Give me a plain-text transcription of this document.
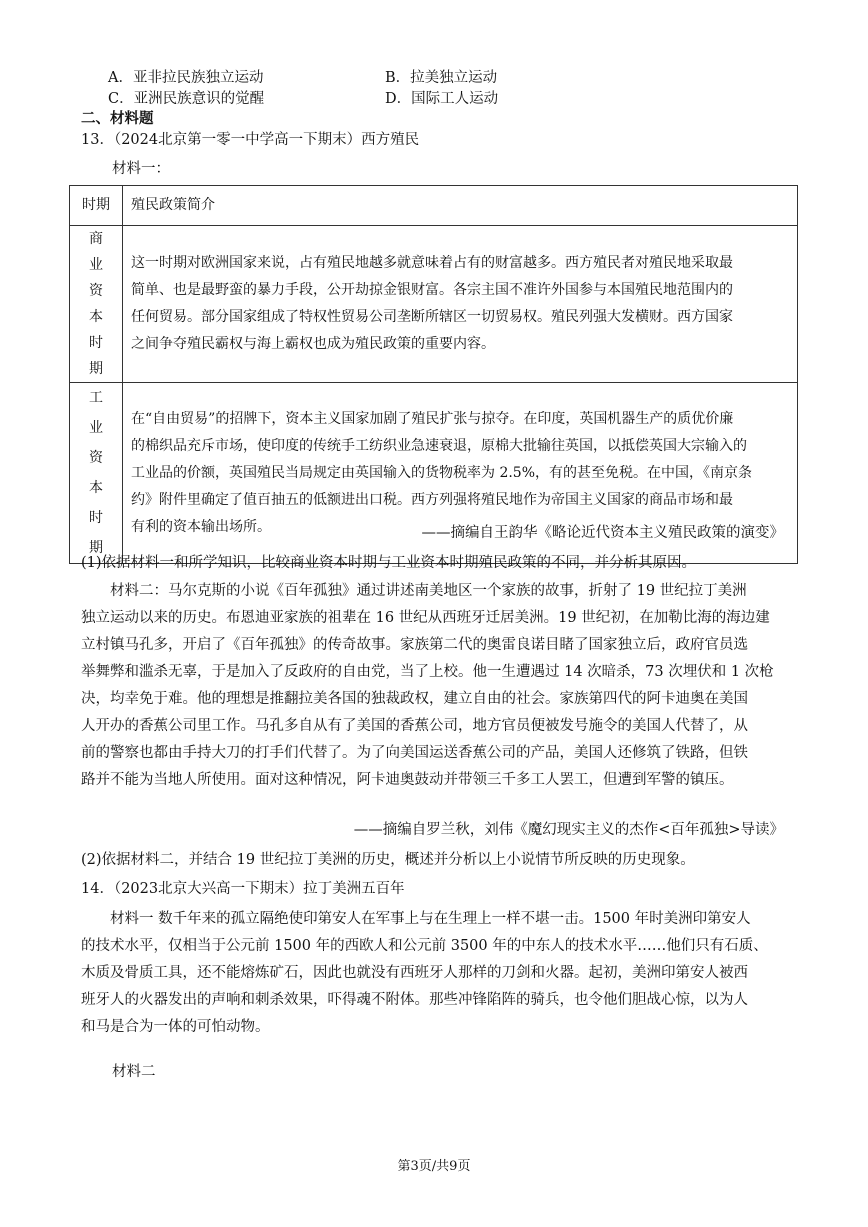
A．亚非拉民族独立运动	B．拉美独立运动
C．亚洲民族意识的觉醒	D．国际工人运动
二、材料题
13．（2024北京第一零一中学高一下期末）西方殖民
材料一：
时期	殖民政策简介

商业资本时期	这一时期对欧洲国家来说，占有殖民地越多就意味着占有的财富越多。西方殖民者对殖民地采取最
简单、也是最野蛮的暴力手段，公开劫掠金银财富。各宗主国不准许外国参与本国殖民地范围内的
任何贸易。部分国家组成了特权性贸易公司垄断所辖区一切贸易权。殖民列强大发横财。西方国家
之间争夺殖民霸权与海上霸权也成为殖民政策的重要内容。

工业资本时期	在“自由贸易”的招牌下，资本主义国家加剧了殖民扩张与掠夺。在印度，英国机器生产的质优价廉
的棉织品充斥市场，使印度的传统手工纺织业急速衰退，原棉大批输往英国，以抵偿英国大宗输入的
工业品的价额，英国殖民当局规定由英国输入的货物税率为 2.5%，有的甚至免税。在中国，《南京条
约》附件里确定了值百抽五的低额进出口税。西方列强将殖民地作为帝国主义国家的商品市场和最
有利的资本输出场所。	——摘编自王韵华《略论近代资本主义殖民政策的演变》
(1)依据材料一和所学知识，比较商业资本时期与工业资本时期殖民政策的不同，并分析其原因。
材料二：马尔克斯的小说《百年孤独》通过讲述南美地区一个家族的故事，折射了 19 世纪拉丁美洲
独立运动以来的历史。布恩迪亚家族的祖辈在 16 世纪从西班牙迁居美洲。19 世纪初，在加勒比海的海边建
立村镇马孔多，开启了《百年孤独》的传奇故事。家族第二代的奥雷良诺目睹了国家独立后，政府官员选
举舞弊和滥杀无辜，于是加入了反政府的自由党，当了上校。他一生遭遇过 14 次暗杀，73 次埋伏和 1 次枪
决，均幸免于难。他的理想是推翻拉美各国的独裁政权，建立自由的社会。家族第四代的阿卡迪奥在美国
人开办的香蕉公司里工作。马孔多自从有了美国的香蕉公司，地方官员便被发号施令的美国人代替了，从
前的警察也都由手持大刀的打手们代替了。为了向美国运送香蕉公司的产品，美国人还修筑了铁路，但铁
路并不能为当地人所使用。面对这种情况，阿卡迪奥鼓动并带领三千多工人罢工，但遭到军警的镇压。
——摘编自罗兰秋，刘伟《魔幻现实主义的杰作<百年孤独>导读》
(2)依据材料二，并结合 19 世纪拉丁美洲的历史，概述并分析以上小说情节所反映的历史现象。
14．（2023北京大兴高一下期末）拉丁美洲五百年
材料一 数千年来的孤立隔绝使印第安人在军事上与在生理上一样不堪一击。1500 年时美洲印第安人
的技术水平，仅相当于公元前 1500 年的西欧人和公元前 3500 年的中东人的技术水平……他们只有石质、
木质及骨质工具，还不能熔炼矿石，因此也就没有西班牙人那样的刀剑和火器。起初，美洲印第安人被西
班牙人的火器发出的声响和刺杀效果，吓得魂不附体。那些冲锋陷阵的骑兵，也令他们胆战心惊，以为人
和马是合为一体的可怕动物。
材料二
第3页/共9页
